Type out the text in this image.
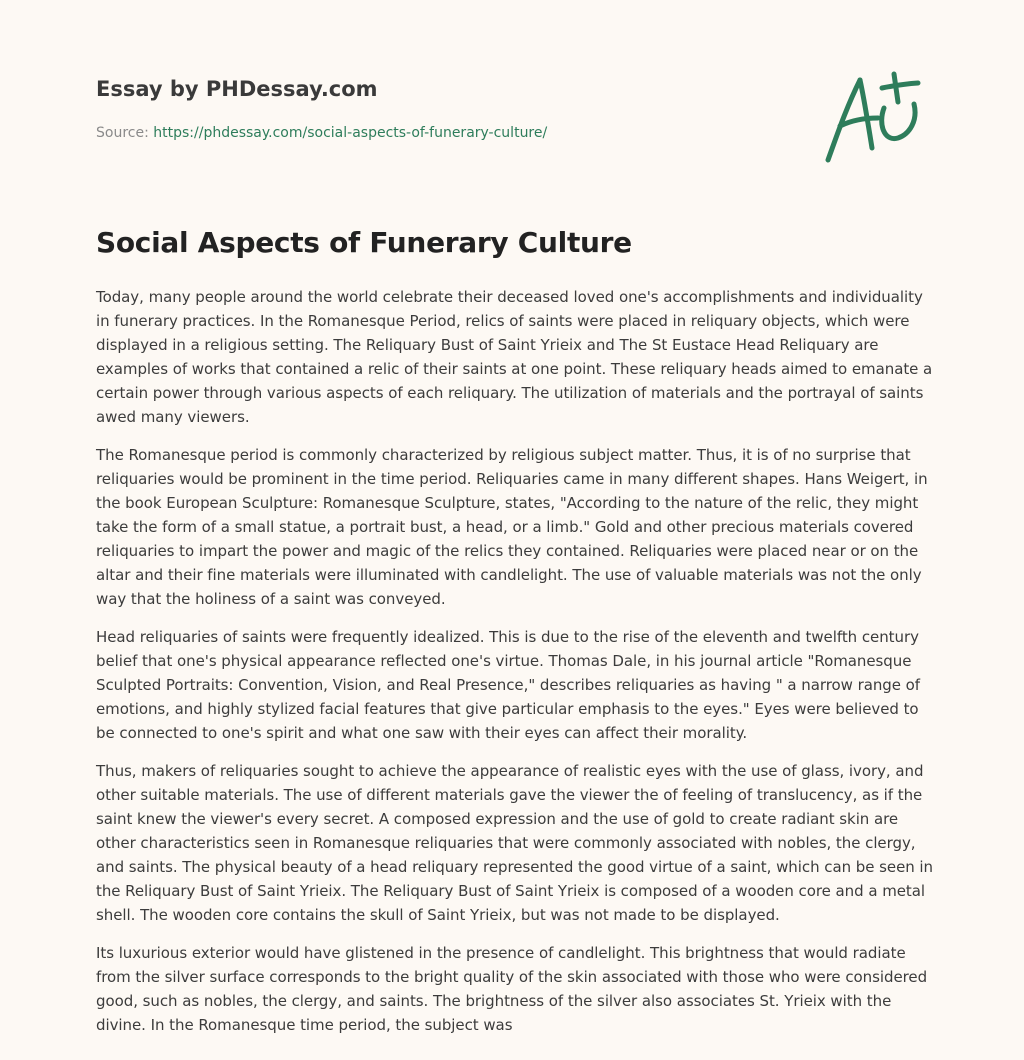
Essay by PHDessay.com

Source: https://phdessay.com/social-aspects-of-funerary-culture/

Social Aspects of Funerary Culture

Today, many people around the world celebrate their deceased loved one's accomplishments and individuality in funerary practices. In the Romanesque Period, relics of saints were placed in reliquary objects, which were displayed in a religious setting. The Reliquary Bust of Saint Yrieix and The St Eustace Head Reliquary are examples of works that contained a relic of their saints at one point. These reliquary heads aimed to emanate a certain power through various aspects of each reliquary. The utilization of materials and the portrayal of saints awed many viewers.

The Romanesque period is commonly characterized by religious subject matter. Thus, it is of no surprise that reliquaries would be prominent in the time period. Reliquaries came in many different shapes. Hans Weigert, in the book European Sculpture: Romanesque Sculpture, states, "According to the nature of the relic, they might take the form of a small statue, a portrait bust, a head, or a limb." Gold and other precious materials covered reliquaries to impart the power and magic of the relics they contained. Reliquaries were placed near or on the altar and their fine materials were illuminated with candlelight. The use of valuable materials was not the only way that the holiness of a saint was conveyed.

Head reliquaries of saints were frequently idealized. This is due to the rise of the eleventh and twelfth century belief that one's physical appearance reflected one's virtue. Thomas Dale, in his journal article "Romanesque Sculpted Portraits: Convention, Vision, and Real Presence," describes reliquaries as having " a narrow range of emotions, and highly stylized facial features that give particular emphasis to the eyes." Eyes were believed to be connected to one's spirit and what one saw with their eyes can affect their morality.

Thus, makers of reliquaries sought to achieve the appearance of realistic eyes with the use of glass, ivory, and other suitable materials. The use of different materials gave the viewer the of feeling of translucency, as if the saint knew the viewer's every secret. A composed expression and the use of gold to create radiant skin are other characteristics seen in Romanesque reliquaries that were commonly associated with nobles, the clergy, and saints. The physical beauty of a head reliquary represented the good virtue of a saint, which can be seen in the Reliquary Bust of Saint Yrieix. The Reliquary Bust of Saint Yrieix is composed of a wooden core and a metal shell. The wooden core contains the skull of Saint Yrieix, but was not made to be displayed.

Its luxurious exterior would have glistened in the presence of candlelight. This brightness that would radiate from the silver surface corresponds to the bright quality of the skin associated with those who were considered good, such as nobles, the clergy, and saints. The brightness of the silver also associates St. Yrieix with the divine. In the Romanesque time period, the subject was
